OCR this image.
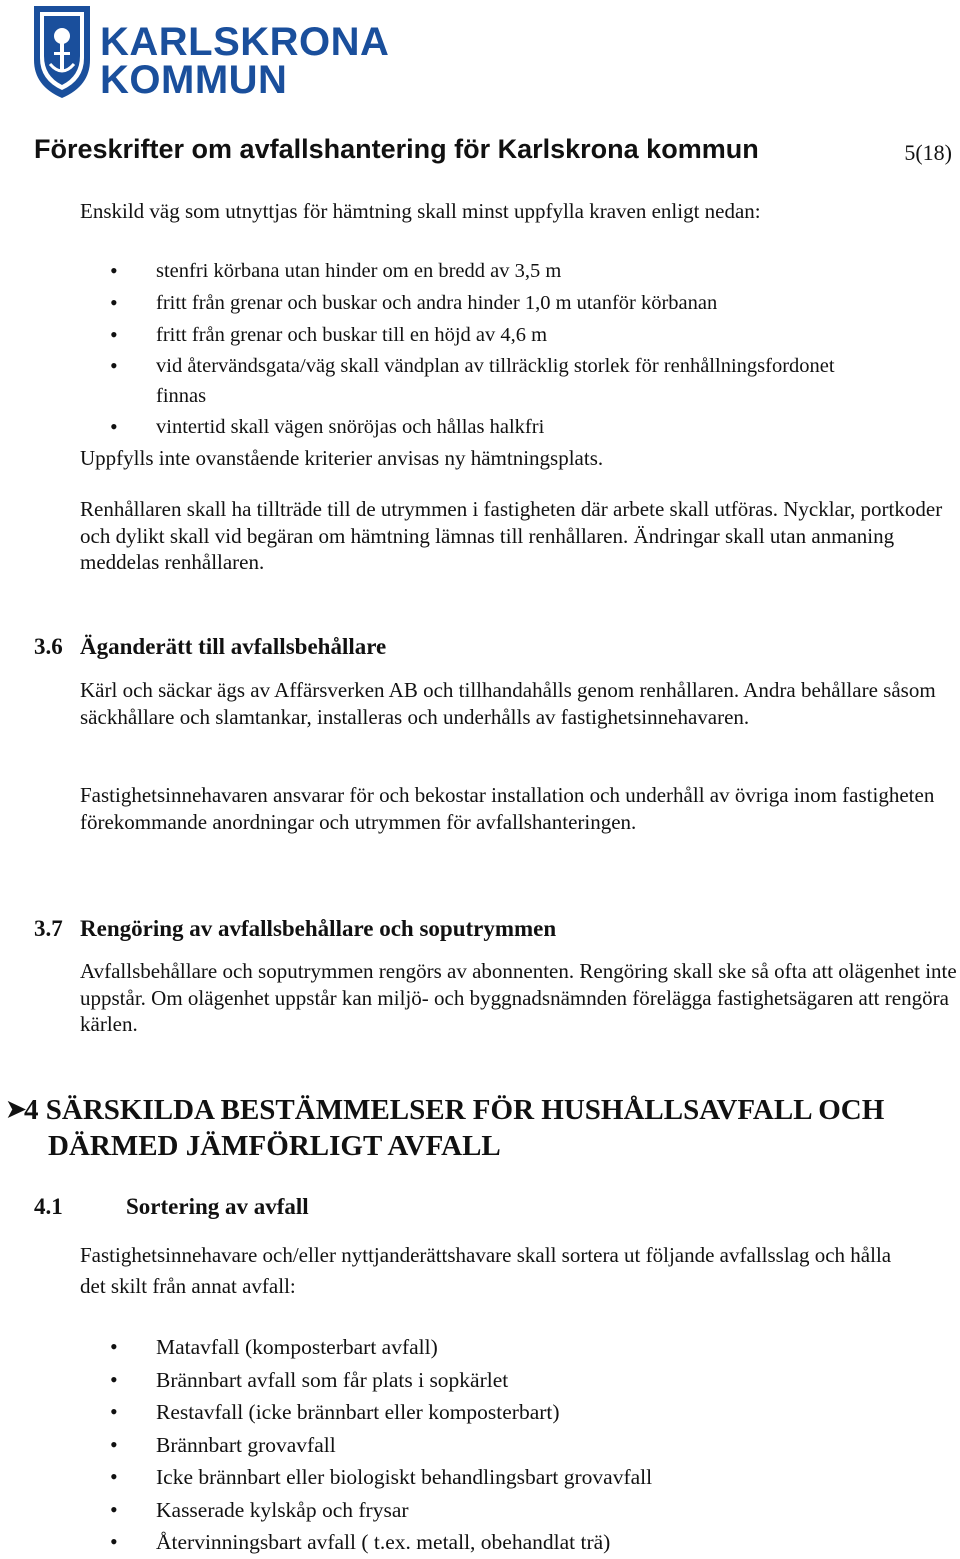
KARLSKRONA
KOMMUN
Föreskrifter om avfallshantering för Karlskrona kommun	5(18)
Enskild väg som utnyttjas för hämtning skall minst uppfylla kraven enligt nedan:
• stenfri körbana utan hinder om en bredd av 3,5 m
• fritt från grenar och buskar och andra hinder 1,0 m utanför körbanan
• fritt från grenar och buskar till en höjd av 4,6 m
• vid återvändsgata/väg skall vändplan av tillräcklig storlek för renhållningsfordonet finnas
• vintertid skall vägen snöröjas och hållas halkfri
Uppfylls inte ovanstående kriterier anvisas ny hämtningsplats.
Renhållaren skall ha tillträde till de utrymmen i fastigheten där arbete skall utföras. Nycklar, portkoder och dylikt skall vid begäran om hämtning lämnas till renhållaren. Ändringar skall utan anmaning meddelas renhållaren.
3.6 Äganderätt till avfallsbehållare
Kärl och säckar ägs av Affärsverken AB och tillhandahålls genom renhållaren. Andra behållare såsom säckhållare och slamtankar, installeras och underhålls av fastighetsinnehavaren.
Fastighetsinnehavaren ansvarar för och bekostar installation och underhåll av övriga inom fastigheten förekommande anordningar och utrymmen för avfallshanteringen.
3.7 Rengöring av avfallsbehållare och soputrymmen
Avfallsbehållare och soputrymmen rengörs av abonnenten. Rengöring skall ske så ofta att olägenhet inte uppstår. Om olägenhet uppstår kan miljö- och byggnadsnämnden förelägga fastighetsägaren att rengöra kärlen.
➤
4 SÄRSKILDA BESTÄMMELSER FÖR HUSHÅLLSAVFALL OCH
DÄRMED JÄMFÖRLIGT AVFALL
4.1	Sortering av avfall
Fastighetsinnehavare och/eller nyttjanderättshavare skall sortera ut följande avfallsslag och hålla det skilt från annat avfall:
• Matavfall (komposterbart avfall)
• Brännbart avfall som får plats i sopkärlet
• Restavfall (icke brännbart eller komposterbart)
• Brännbart grovavfall
• Icke brännbart eller biologiskt behandlingsbart grovavfall
• Kasserade kylskåp och frysar
• Återvinningsbart avfall ( t.ex. metall, obehandlat trä)
